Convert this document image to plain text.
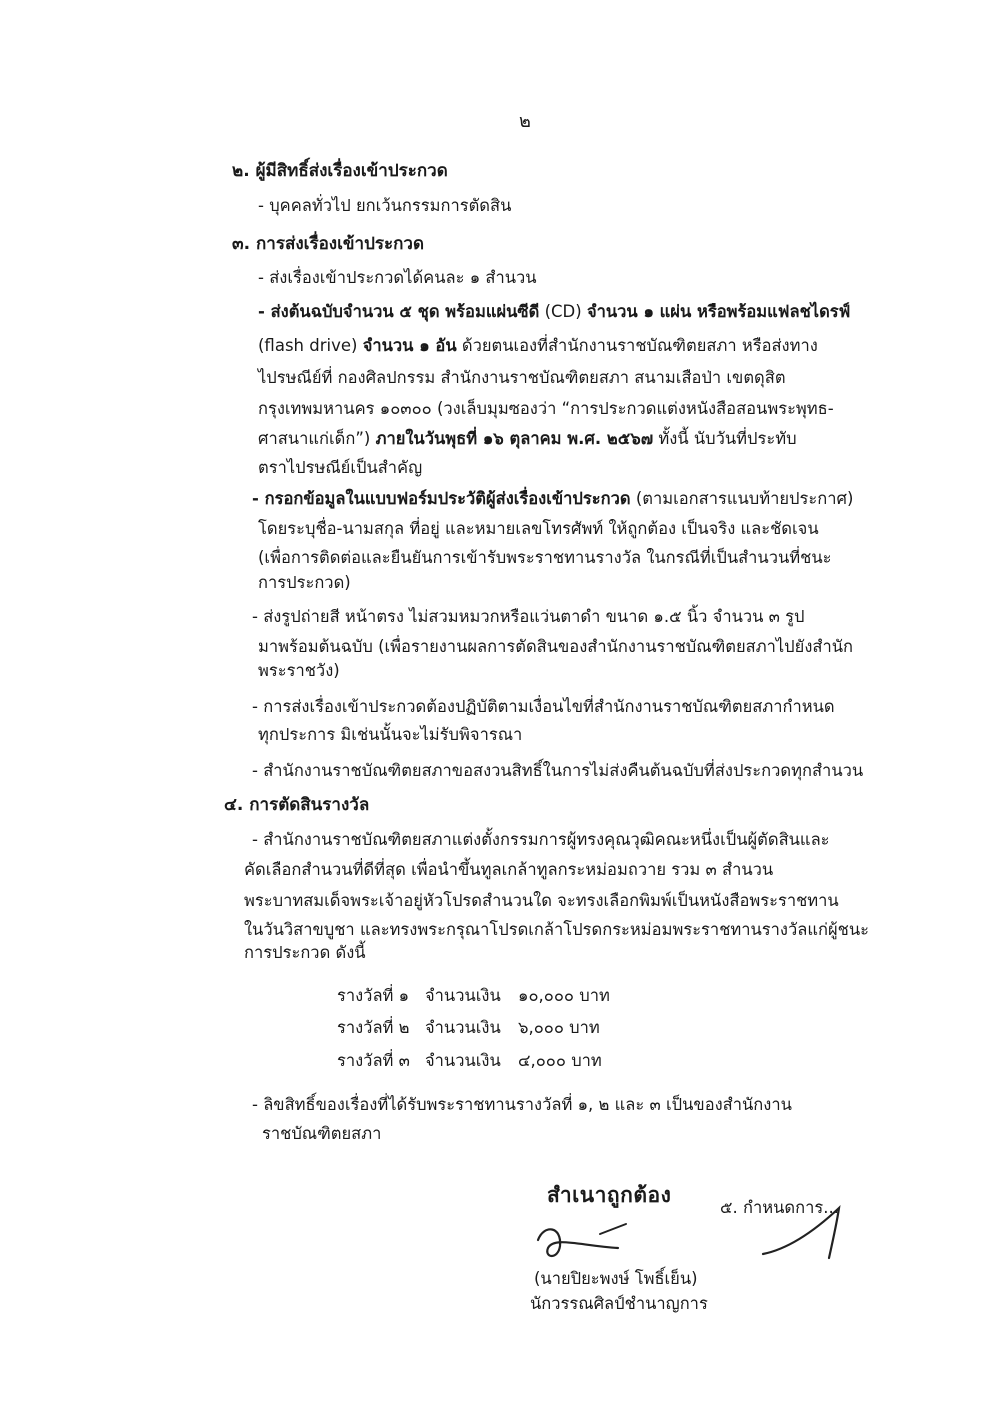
๒
๒. ผู้มีสิทธิ์ส่งเรื่องเข้าประกวด
- บุคคลทั่วไป ยกเว้นกรรมการตัดสิน
๓. การส่งเรื่องเข้าประกวด
- ส่งเรื่องเข้าประกวดได้คนละ ๑ สำนวน
- ส่งต้นฉบับจำนวน ๕ ชุด พร้อมแผ่นซีดี (CD) จำนวน ๑ แผ่น หรือพร้อมแฟลชไดรฟ์
(flash drive) จำนวน ๑ อัน ด้วยตนเองที่สำนักงานราชบัณฑิตยสภา หรือส่งทาง
ไปรษณีย์ที่ กองศิลปกรรม สำนักงานราชบัณฑิตยสภา สนามเสือป่า เขตดุสิต
กรุงเทพมหานคร ๑๐๓๐๐ (วงเล็บมุมซองว่า “การประกวดแต่งหนังสือสอนพระพุทธ-
ศาสนาแก่เด็ก”) ภายในวันพุธที่ ๑๖ ตุลาคม พ.ศ. ๒๕๖๗ ทั้งนี้ นับวันที่ประทับ
ตราไปรษณีย์เป็นสำคัญ
- กรอกข้อมูลในแบบฟอร์มประวัติผู้ส่งเรื่องเข้าประกวด (ตามเอกสารแนบท้ายประกาศ)
โดยระบุชื่อ-นามสกุล ที่อยู่ และหมายเลขโทรศัพท์ ให้ถูกต้อง เป็นจริง และชัดเจน
(เพื่อการติดต่อและยืนยันการเข้ารับพระราชทานรางวัล ในกรณีที่เป็นสำนวนที่ชนะ
การประกวด)
- ส่งรูปถ่ายสี หน้าตรง ไม่สวมหมวกหรือแว่นตาดำ ขนาด ๑.๕ นิ้ว จำนวน ๓ รูป
มาพร้อมต้นฉบับ (เพื่อรายงานผลการตัดสินของสำนักงานราชบัณฑิตยสภาไปยังสำนัก
พระราชวัง)
- การส่งเรื่องเข้าประกวดต้องปฏิบัติตามเงื่อนไขที่สำนักงานราชบัณฑิตยสภากำหนด
ทุกประการ มิเช่นนั้นจะไม่รับพิจารณา
- สำนักงานราชบัณฑิตยสภาขอสงวนสิทธิ์ในการไม่ส่งคืนต้นฉบับที่ส่งประกวดทุกสำนวน
๔. การตัดสินรางวัล
- สำนักงานราชบัณฑิตยสภาแต่งตั้งกรรมการผู้ทรงคุณวุฒิคณะหนึ่งเป็นผู้ตัดสินและ
คัดเลือกสำนวนที่ดีที่สุด เพื่อนำขึ้นทูลเกล้าทูลกระหม่อมถวาย รวม ๓ สำนวน
พระบาทสมเด็จพระเจ้าอยู่หัวโปรดสำนวนใด จะทรงเลือกพิมพ์เป็นหนังสือพระราชทาน
ในวันวิสาขบูชา และทรงพระกรุณาโปรดเกล้าโปรดกระหม่อมพระราชทานรางวัลแก่ผู้ชนะ
การประกวด ดังนี้
รางวัลที่ ๑ จำนวนเงิน ๑๐,๐๐๐ บาท
รางวัลที่ ๒ จำนวนเงิน ๖,๐๐๐ บาท
รางวัลที่ ๓ จำนวนเงิน ๔,๐๐๐ บาท
- ลิขสิทธิ์ของเรื่องที่ได้รับพระราชทานรางวัลที่ ๑, ๒ และ ๓ เป็นของสำนักงาน
ราชบัณฑิตยสภา
สำเนาถูกต้อง
๕. กำหนดการ...
(นายปิยะพงษ์ โพธิ์เย็น)
นักวรรณศิลป์ชำนาญการ
